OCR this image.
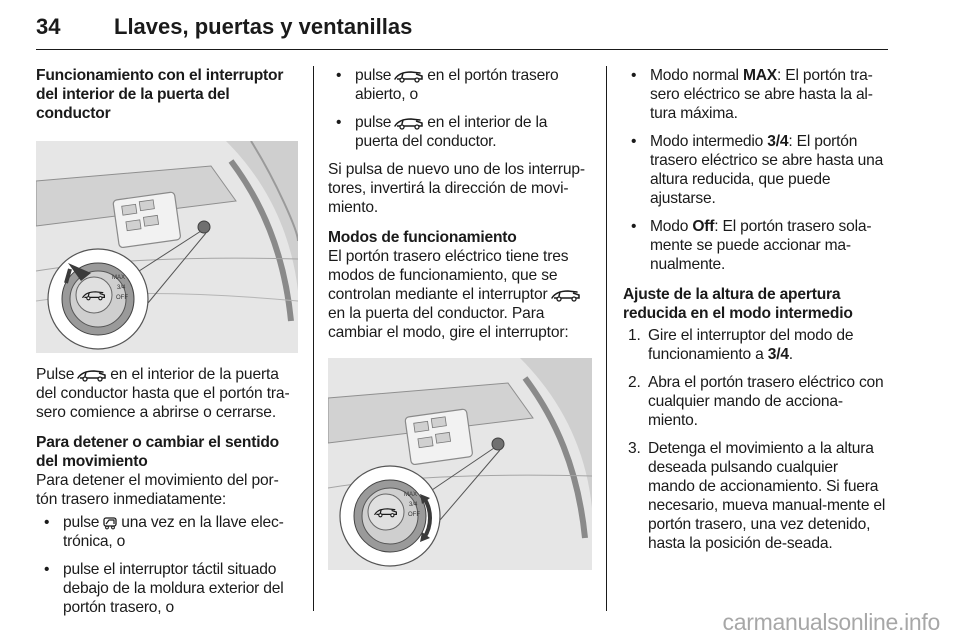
34 Llaves, puertas y ventanillas
Funcionamiento con el interruptor del interior de la puerta del conductor
MAX
3/4
OFF
Pulse en el interior de la puerta del conductor hasta que el portón tra-sero comience a abrirse o cerrarse.
Para detener o cambiar el sentido del movimiento
Para detener el movimiento del por-tón trasero inmediatamente:
• pulse una vez en la llave elec-trónica, o
• pulse el interruptor táctil situado debajo de la moldura exterior del portón trasero, o
• pulse en el portón trasero abierto, o
• pulse en el interior de la puerta del conductor.
Si pulsa de nuevo uno de los interrup-tores, invertirá la dirección de movi-miento.
Modos de funcionamiento
El portón trasero eléctrico tiene tres modos de funcionamiento, que se controlan mediante el interruptoren la puerta del conductor. Para cambiar el modo, gire el interruptor:
MAX
3/4
OFF
• Modo normal MAX: El portón tra-sero eléctrico se abre hasta la al-tura máxima.
• Modo intermedio 3/4: El portón trasero eléctrico se abre hasta una altura reducida, que puede ajustarse.
• Modo Off: El portón trasero sola-mente se puede accionar ma-nualmente.
Ajuste de la altura de apertura reducida en el modo intermedio
1. Gire el interruptor del modo de funcionamiento a 3/4.
2. Abra el portón trasero eléctrico con cualquier mando de acciona-miento.
3. Detenga el movimiento a la altura deseada pulsando cualquier mando de accionamiento. Si fuera necesario, mueva manual-mente el portón trasero, una vez detenido, hasta la posición de-seada.
carmanualsonline.info
